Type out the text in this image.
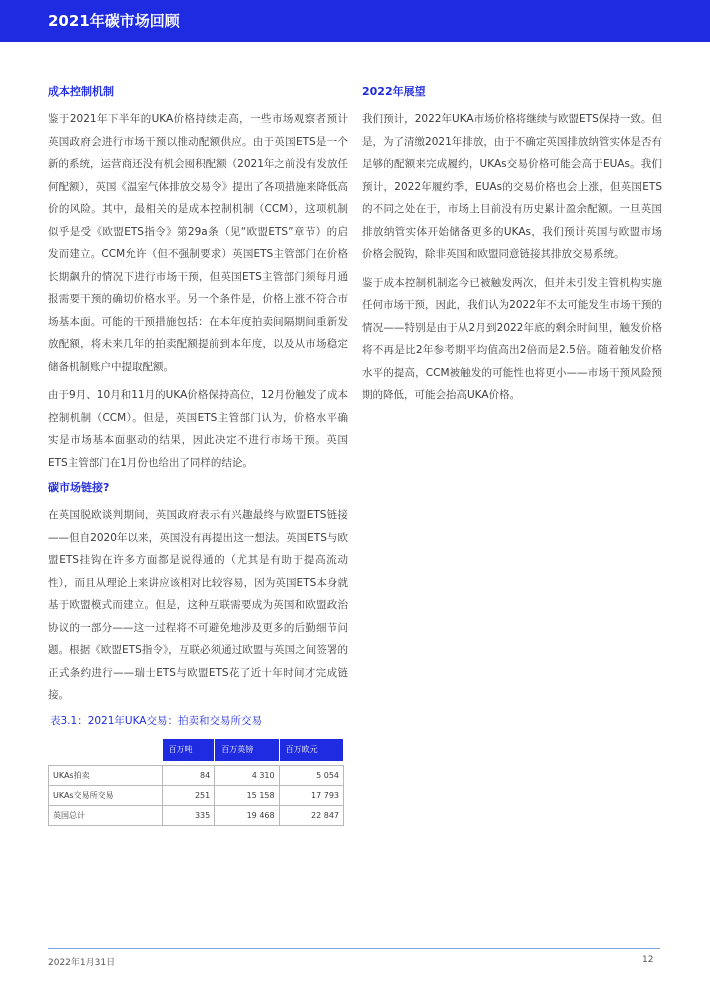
2021年碳市场回顾
成本控制机制

鉴于2021年下半年的UKA价格持续走高，一些市场观察者预计英国政府会进行市场干预以推动配额供应。由于英国ETS是一个新的系统，运营商还没有机会囤积配额（2021年之前没有发放任何配额），英国《温室气体排放交易令》提出了各项措施来降低高价的风险。其中，最相关的是成本控制机制（CCM），这项机制似乎是受《欧盟ETS指令》第29a条（见“欧盟ETS”章节）的启发而建立。CCM允许（但不强制要求）英国ETS主管部门在价格长期飙升的情况下进行市场干预，但英国ETS主管部门须每月通报需要干预的确切价格水平。另一个条件是，价格上涨不符合市场基本面。可能的干预措施包括：在本年度拍卖间隔期间重新发放配额，将未来几年的拍卖配额提前到本年度，以及从市场稳定储备机制账户中提取配额。

由于9月、10月和11月的UKA价格保持高位，12月份触发了成本控制机制（CCM）。但是，英国ETS主管部门认为，价格水平确实是市场基本面驱动的结果，因此决定不进行市场干预。英国 ETS主管部门在1月份也给出了同样的结论。

碳市场链接?

在英国脱欧谈判期间，英国政府表示有兴趣最终与欧盟ETS链接——但自2020年以来，英国没有再提出这一想法。英国ETS与欧盟ETS挂钩在许多方面都是说得通的（尤其是有助于提高流动性），而且从理论上来讲应该相对比较容易，因为英国ETS本身就基于欧盟模式而建立。但是，这种互联需要成为英国和欧盟政治协议的一部分——这一过程将不可避免地涉及更多的后勤细节问题。根据《欧盟ETS指令》，互联必须通过欧盟与英国之间签署的正式条约进行——瑞士ETS与欧盟ETS花了近十年时间才完成链接。

表3.1：2021年UKA交易：拍卖和交易所交易
	百万吨	百万英镑	百万欧元

UKAs拍卖	84	4 310	5 054
UKAs交易所交易	251	15 158	17 793
英国总计	335	19 468	22 847
2022年展望

我们预计，2022年UKA市场价格将继续与欧盟ETS保持一致。但是，为了清缴2021年排放，由于不确定英国排放纳管实体是否有足够的配额来完成履约，UKAs交易价格可能会高于EUAs。我们预计，2022年履约季，EUAs的交易价格也会上涨，但英国ETS的不同之处在于，市场上目前没有历史累计盈余配额。一旦英国排放纳管实体开始储备更多的UKAs，我们预计英国与欧盟市场价格会脱钩，除非英国和欧盟同意链接其排放交易系统。

鉴于成本控制机制迄今已被触发两次，但并未引发主管机构实施任何市场干预，因此，我们认为2022年不太可能发生市场干预的情况——特别是由于从2月到2022年底的剩余时间里，触发价格将不再是比2年参考期平均值高出2倍而是2.5倍。随着触发价格水平的提高，CCM被触发的可能性也将更小——市场干预风险预期的降低，可能会抬高UKA价格。

2022年1月31日	12
